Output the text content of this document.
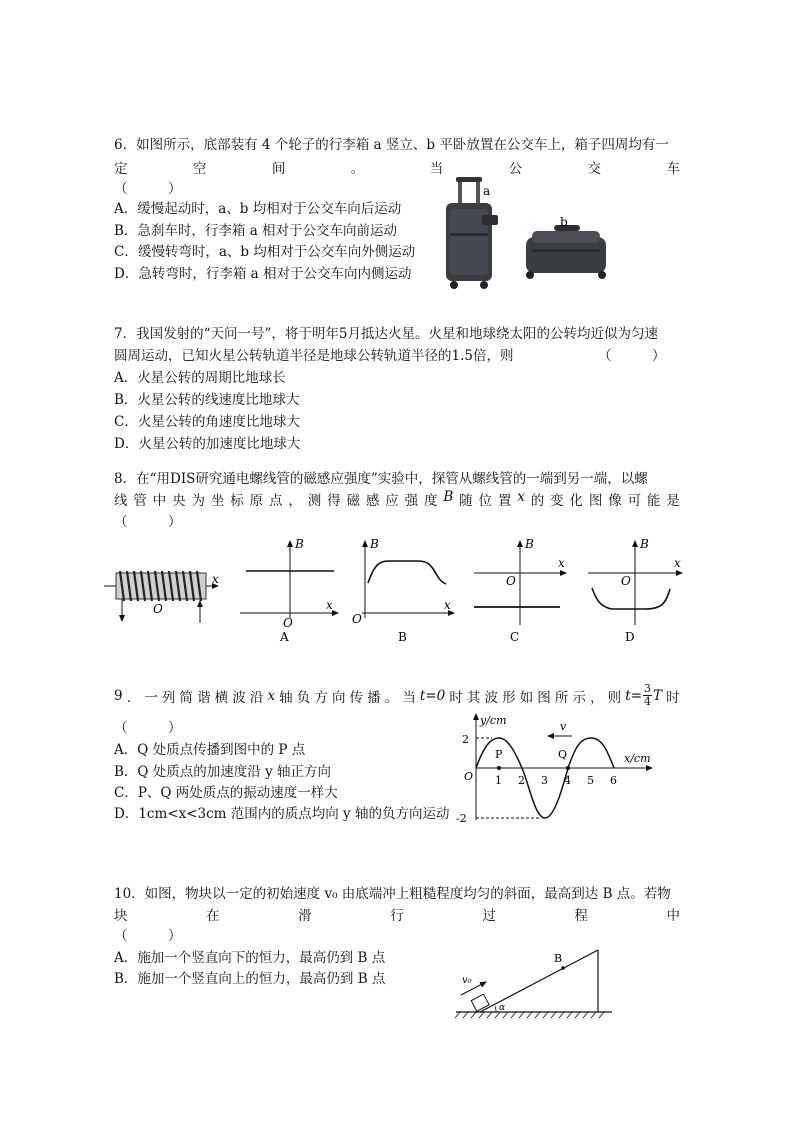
6．如图所示，底部装有 4 个轮子的行李箱 a 竖立、b 平卧放置在公交车上，箱子四周均有一
定	空	间	。	当	公	交	车
（　　　）
A．缓慢起动时，a、b 均相对于公交车向后运动
B．急刹车时，行李箱 a 相对于公交车向前运动
C．缓慢转弯时，a、b 均相对于公交车向外侧运动
D．急转弯时，行李箱 a 相对于公交车向内侧运动
a
b
7．我国发射的“天问一号”，将于明年5月抵达火星。火星和地球绕太阳的公转均近似为匀速
圆周运动，已知火星公转轨道半径是地球公转轨道半径的1.5倍，则	（　　　）
A．火星公转的周期比地球长
B．火星公转的线速度比地球大
C．火星公转的角速度比地球大
D．火星公转的加速度比地球大
8．在“用DIS研究通电螺线管的磁感应强度”实验中，探管从螺线管的一端到另一端，以螺
线 管 中 央 为 坐 标 原 点 ， 测 得 磁 感 应 强 度 B 随 位 置 x 的 变 化 图 像 可 能 是
（　　　）
x
O
B
x
O
A
B
x
O
B
B
x
O
C
B
x
O
D
9 ． 一 列 简 谐 横 波 沿 x 轴 负 方 向 传 播 。 当 t=0 时 其 波 形 如 图 所 示 ， 则 $t= \frac{3}{4}$ T 时
（　　　）
A．Q 处质点传播到图中的 P 点
B．Q 处质点的加速度沿 y 轴正方向
C．P、Q 两处质点的振动速度一样大
D．1cm<x<3cm 范围内的质点均向 y 轴的负方向运动
v
y/cm
x/cm
O
2
-2
P	Q
1 2 3 4 5 6
10．如图，物块以一定的初始速度 v₀ 由底端冲上粗糙程度均匀的斜面，最高到达 B 点。若物
块	在	滑	行	过	程	中
（　　　）
A．施加一个竖直向下的恒力，最高仍到 B 点
B．施加一个竖直向上的恒力，最高仍到 B 点
B
v₀
α
